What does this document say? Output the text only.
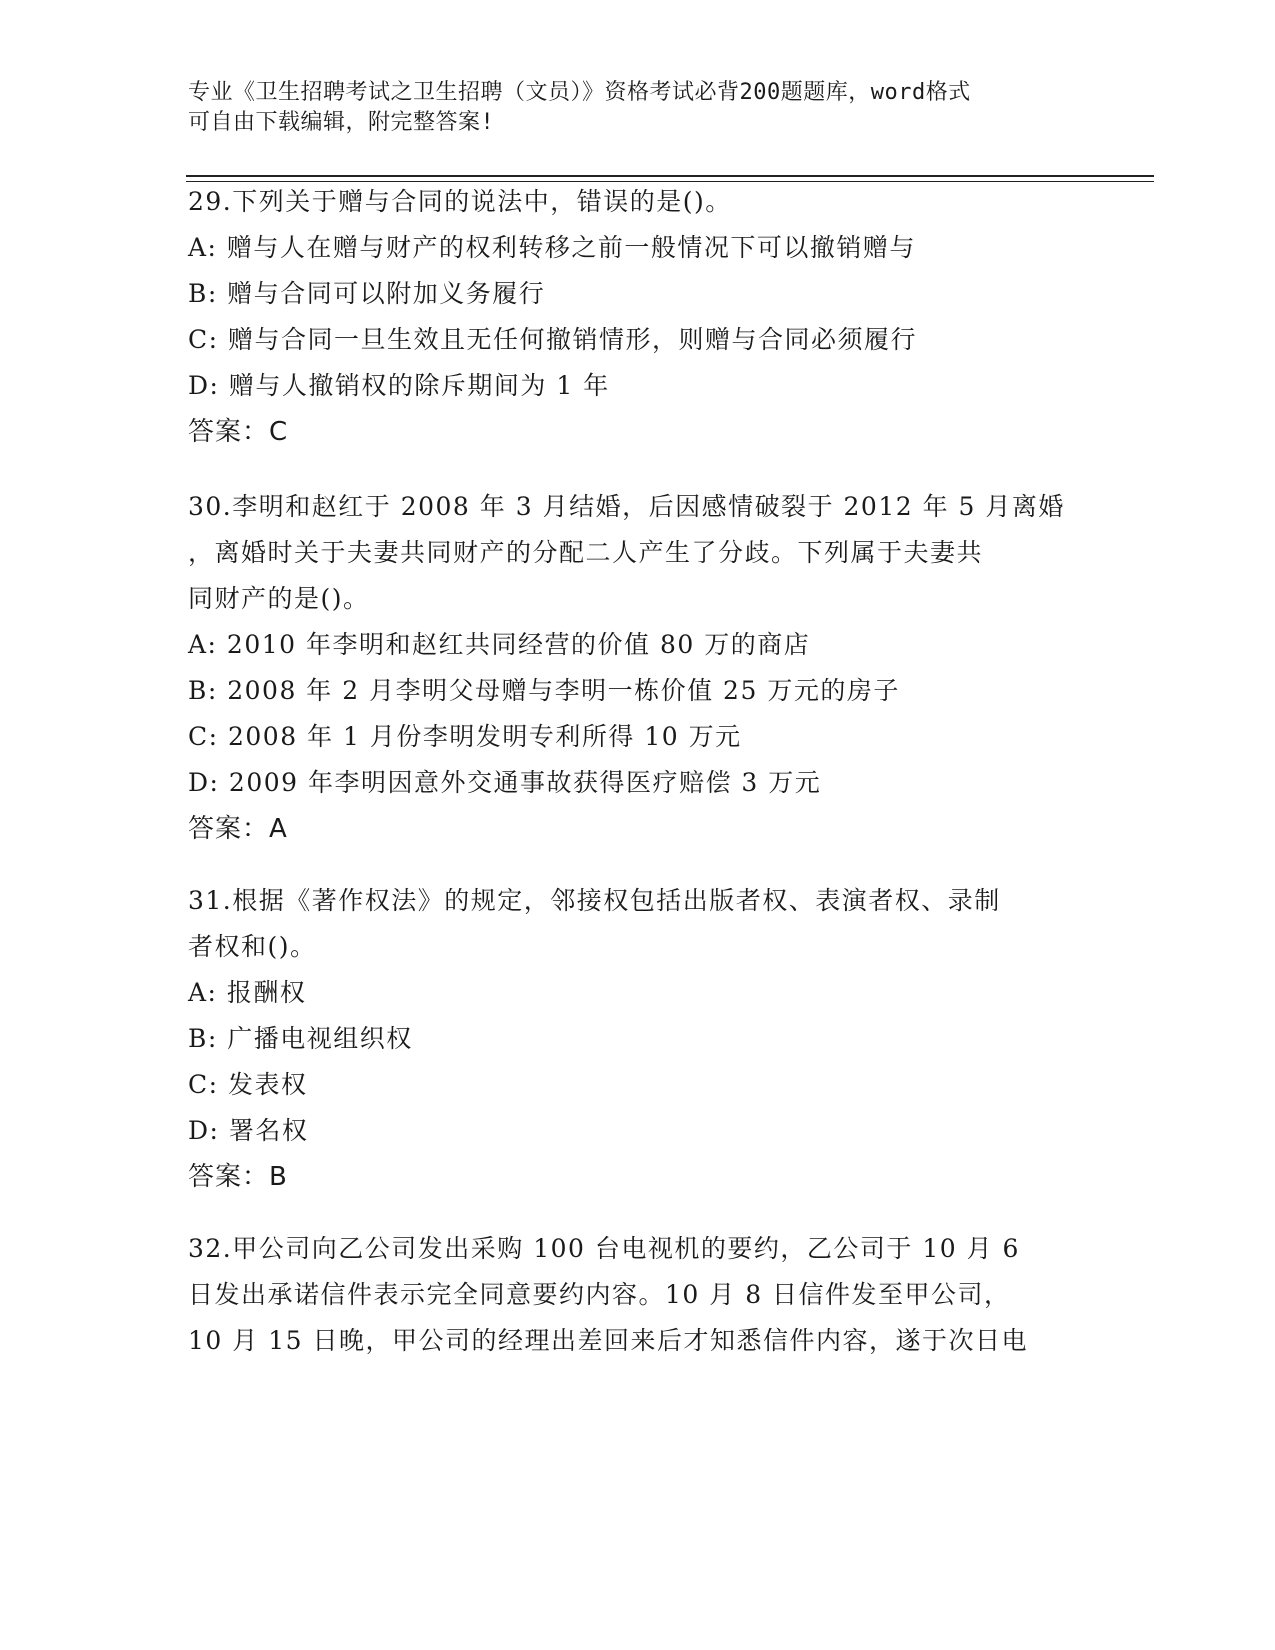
专业《卫生招聘考试之卫生招聘（文员）》资格考试必背200题题库，word格式
可自由下载编辑，附完整答案!
29.下列关于赠与合同的说法中，错误的是()。
A: 赠与人在赠与财产的权利转移之前一般情况下可以撤销赠与
B: 赠与合同可以附加义务履行
C: 赠与合同一旦生效且无任何撤销情形，则赠与合同必须履行
D: 赠与人撤销权的除斥期间为 1 年
答案：C
30.李明和赵红于 2008 年 3 月结婚，后因感情破裂于 2012 年 5 月离婚
，离婚时关于夫妻共同财产的分配二人产生了分歧。下列属于夫妻共
同财产的是()。
A: 2010 年李明和赵红共同经营的价值 80 万的商店
B: 2008 年 2 月李明父母赠与李明一栋价值 25 万元的房子
C: 2008 年 1 月份李明发明专利所得 10 万元
D: 2009 年李明因意外交通事故获得医疗赔偿 3 万元
答案：A
31.根据《著作权法》的规定，邻接权包括出版者权、表演者权、录制
者权和()。
A: 报酬权
B: 广播电视组织权
C: 发表权
D: 署名权
答案：B
32.甲公司向乙公司发出采购 100 台电视机的要约，乙公司于 10 月 6
日发出承诺信件表示完全同意要约内容。10 月 8 日信件发至甲公司，
10 月 15 日晚，甲公司的经理出差回来后才知悉信件内容，遂于次日电
